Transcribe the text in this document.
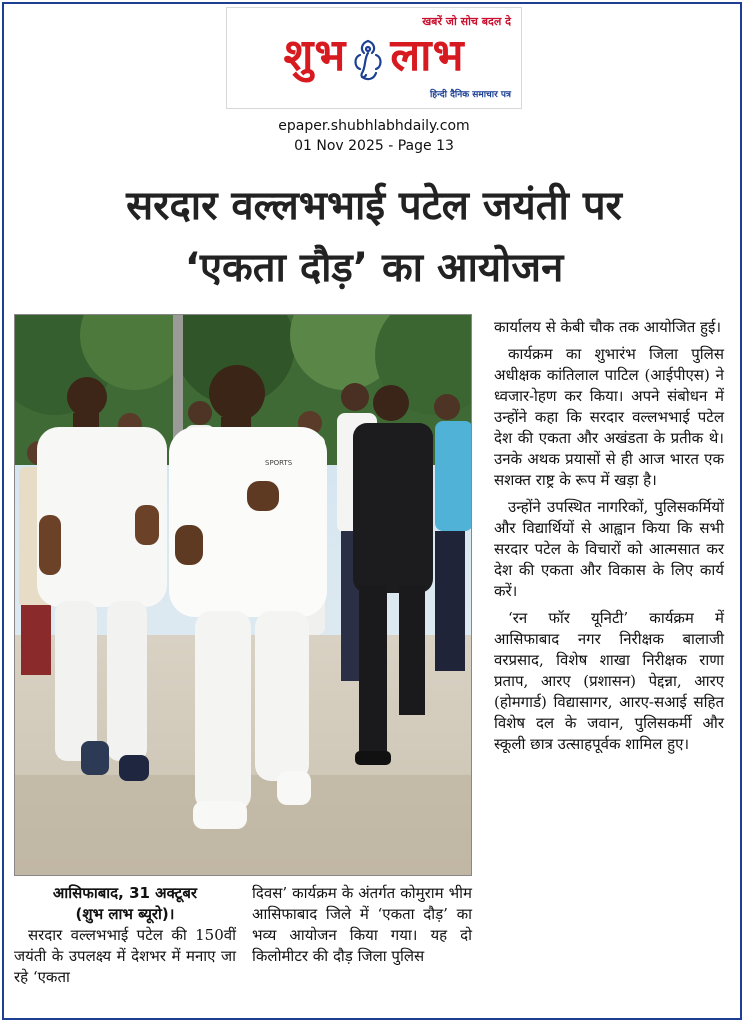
खबरें जो सोच बदल दे
शुभ लाभ
हिन्दी दैनिक समाचार पत्र
epaper.shubhlabhdaily.com
01 Nov 2025 - Page 13
सरदार वल्लभभाई पटेल जयंती पर
‘एकता दौड़’ का आयोजन
SPORTS

कार्यालय से केबी चौक तक आयोजित हुई।

कार्यक्रम का शुभारंभ जिला पुलिस अधीक्षक कांतिलाल पाटिल (आईपीएस) ने ध्वजार-ोहण कर किया। अपने संबोधन में उन्होंने कहा कि सरदार वल्लभभाई पटेल देश की एकता और अखंडता के प्रतीक थे। उनके अथक प्रयासों से ही आज भारत एक सशक्त राष्ट्र के रूप में खड़ा है।

उन्होंने उपस्थित नागरिकों, पुलिसकर्मियों और विद्यार्थियों से आह्वान किया कि सभी सरदार पटेल के विचारों को आत्मसात कर देश की एकता और विकास के लिए कार्य करें।

‘रन फॉर यूनिटी’ कार्यक्रम में आसिफाबाद नगर निरीक्षक बालाजी वरप्रसाद, विशेष शाखा निरीक्षक राणा प्रताप, आरए (प्रशासन) पेद्दन्ना, आरए (होमगार्ड) विद्यासागर, आरए-सआई सहित विशेष दल के जवान, पुलिसकर्मी और स्कूली छात्र उत्साहपूर्वक शामिल हुए।

आसिफाबाद, 31 अक्टूबर
(शुभ लाभ ब्यूरो)।

सरदार वल्लभभाई पटेल की 150वीं जयंती के उपलक्ष्य में देशभर में मनाए जा रहे ‘एकता

दिवस’ कार्यक्रम के अंतर्गत कोमुराम भीम आसिफाबाद जिले में ‘एकता दौड़’ का भव्य आयोजन किया गया। यह दो किलोमीटर की दौड़ जिला पुलिस
